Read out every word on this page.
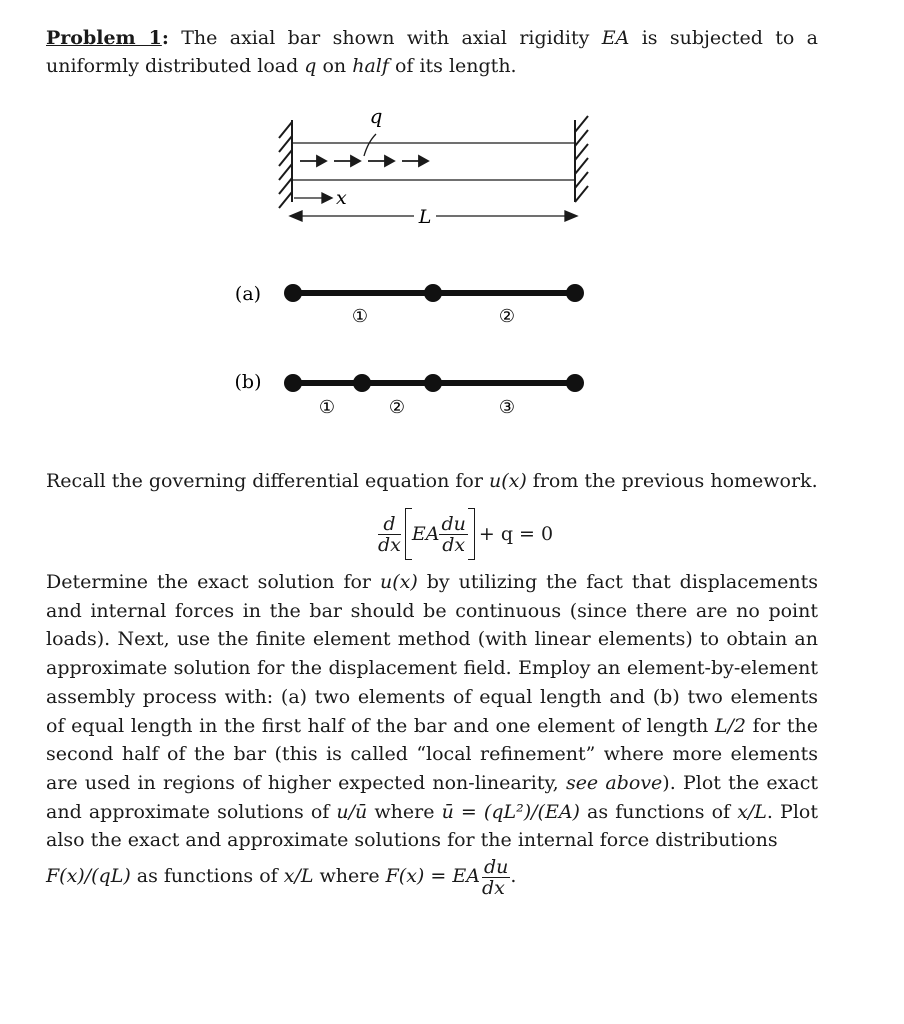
Problem 1: The axial bar shown with axial rigidity EA is subjected to a uniformly distributed load q on half of its length.

q
x
L
(a)
①	②
(b)
①	②	③

Recall the governing differential equation for u(x) from the previous homework.

$\frac{d}{dx}$ EA $\frac{du}{dx} + q = 0$

Determine the exact solution for u(x) by utilizing the fact that displacements and internal forces in the bar should be continuous (since there are no point loads). Next, use the finite element method (with linear elements) to obtain an approximate solution for the displacement field. Employ an element-by-element assembly process with: (a) two elements of equal length and (b) two elements of equal length in the first half of the bar and one element of length L/2 for the second half of the bar (this is called “local refinement” where more elements are used in regions of higher expected non-linearity, see above). Plot the exact and approximate solutions of u/ū where ū = (qL²)/(EA) as functions of x/L. Plot also the exact and approximate solutions for the internal force distributions
F(x)/(qL) as functions of x/L where F(x) = EA $\frac{du}{dx}$ .
